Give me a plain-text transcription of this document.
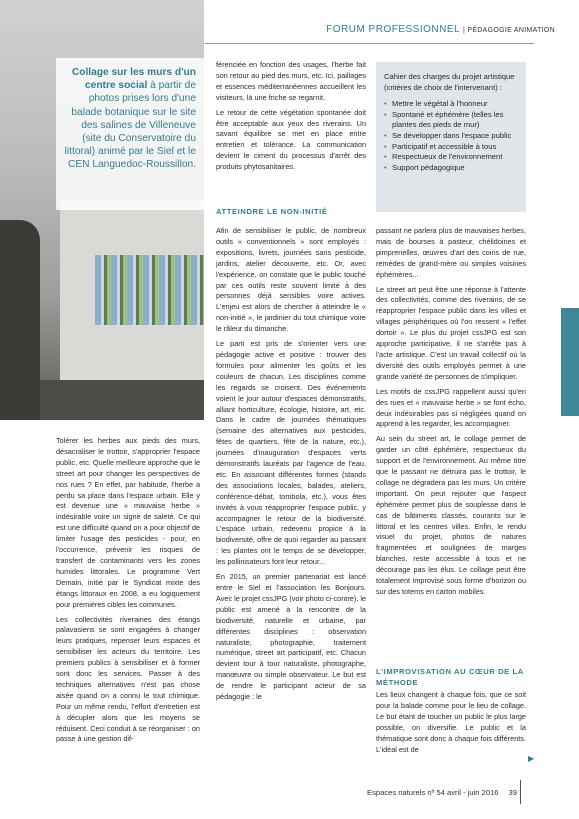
FORUM PROFESSIONNEL | PÉDAGOGIE ANIMATION
Collage sur les murs d'un centre social à partir de photos prises lors d'une balade botanique sur le site des salines de Villeneuve (site du Conservatoire du littoral) animé par le Siel et le CEN Languedoc-Roussillon.

Tolérer les herbes aux pieds des murs, désacraliser le trottoir, s'approprier l'espace public, etc. Quelle meilleure approche que le street art pour changer les perspectives de nos rues ? En effet, par habitude, l'herbe a perdu sa place dans l'espace urbain. Elle y est devenue une « mauvaise herbe » indésirable voire un signe de saleté. Ce qui est une difficulté quand on a pour objectif de limiter l'usage des pesticides - pour, en l'occurrence, prévenir les risques de transfert de contaminants vers les zones humides littorales. Le programme Vert Demain, initié par le Syndicat mixte des étangs littoraux en 2008, a eu logiquement pour premières cibles les communes.

Les collectivités riveraines des étangs palavasiens se sont engagées à changer leurs pratiques, repenser leurs espaces et sensibiliser les acteurs du territoire. Les premiers publics à sensibiliser et à former sont donc les services. Passer à des techniques alternatives n'est pas chose aisée quand on a connu le tout chimique. Pour un même rendu, l'effort d'entretien est à décupler alors que les moyens se réduisent. Ceci conduit à se réorganiser : on passe à une gestion dif-

férenciée en fonction des usages, l'herbe fait son retour au pied des murs, etc. Ici, paillages et essences méditerranéennes accueillent les visiteurs, là une friche se regarnit.

Le retour de cette végétation spontanée doit être acceptable aux yeux des riverains. Un savant équilibre se met en place entre entretien et tolérance. La communication devient le ciment du processus d'arrêt des produits phytosanitaires.

ATTEINDRE LE NON-INITIÉ

Afin de sensibiliser le public, de nombreux outils « conventionnels » sont employés : expositions, livrets, journées sans pesticide, jardins, atelier découverte, etc. Or, avec l'expérience, on constate que le public touché par ces outils reste souvent limité à des personnes déjà sensibles voire actives. L'enjeu est alors de chercher à atteindre le « non-initié », le jardinier du tout chimique voire le râleur du dimanche.

Le parti est pris de s'orienter vers une pédagogie active et positive : trouver des formules pour alimenter les goûts et les couleurs de chacun. Les disciplines comme les regards se croisent. Des événements voient le jour autour d'espaces démonstratifs, alliant horticulture, écologie, histoire, art, etc. Dans le cadre de journées thématiques (semaine des alternatives aux pesticides, fêtes de quartiers, fête de la nature, etc.), journées d'inauguration d'espaces verts démonstratifs lauréats par l'agence de l'eau, etc. En associant différentes formes (stands des associations locales, balades, ateliers, conférence-débat, tombola, etc.), vous êtes invités à vous réapproprier l'espace public, y accompagner le retour de la biodiversité. L'espace urbain, redevenu propice à la biodiversité, offre de quoi regarder au passant : les plantes ont le temps de se développer, les pollinisateurs font leur retour...

En 2015, un premier partenariat est lancé entre le Siel et l'association les Bonjours. Avec le projet cssJPG (voir photo ci-contre), le public est amené à la rencontre de la biodiversité, naturelle et urbaine, par différentes disciplines : observation naturaliste, photographie, traitement numérique, street art participatif, etc. Chacun devient tour à tour naturaliste, photographe, manœuvre ou simple observateur. Le but est de rendre le participant acteur de sa pédagogie : le

Cahier des charges du projet artistique (critères de choix de l'intervenant) :

• Mettre le végétal à l'honneur
• Spontané et éphémère (telles les plantes des pieds de mur)
• Se développer dans l'espace public
• Participatif et accessible à tous
• Respectueux de l'environnement
• Support pédagogique

passant ne parlera plus de mauvaises herbes, mais de bourses à pasteur, chélidoines et pimprenelles, œuvres d'art des coins de rue, remèdes de grand-mère ou simples voisines éphémères...

Le street art peut être une réponse à l'attente des collectivités, comme des riverains, de se réapproprier l'espace public dans les villes et villages périphériques où l'on ressent « l'effet dortoir ». Le plus du projet cssJPG est son approche participative, il ne s'arrête pas à l'acte artistique. C'est un travail collectif où la diversité des outils employés permet à une grande variété de personnes de s'impliquer.

Les motifs de cssJPG rappellent aussi qu'en des rues et « mauvaise herbe » se font écho, deux indésirables pas si négligées quand on apprend à les regarder, les accompagner.

Au sein du street art, le collage permet de garder un côté éphémère, respectueux du support et de l'environnement. Au même titre que le passant ne détruira pas le trottoir, le collage ne dégradera pas les murs. Un critère important. On peut rejouter que l'aspect éphémère permet plus de souplesse dans le cas de bâtiments classés, courants sur le littoral et les centres villes. Enfin, le rendu visuel du projet, photos de natures fragmentées et soulignées de marges blanches, reste accessible à tous et ne décourage pas les élus. Le collage peut être totalement improvisé sous forme d'horizon ou sur des totems en carton mobiles.

L'IMPROVISATION AU CŒUR DE LA MÉTHODE

Les lieux changent à chaque fois, que ce soit pour la balade comme pour le lieu de collage. Le but étant de toucher un public le plus large possible, on diversifie. Le public et la thématique sont donc à chaque fois différents. L'idéal est de

▶
Espaces naturels nº 54 avril - juin 2016 39
